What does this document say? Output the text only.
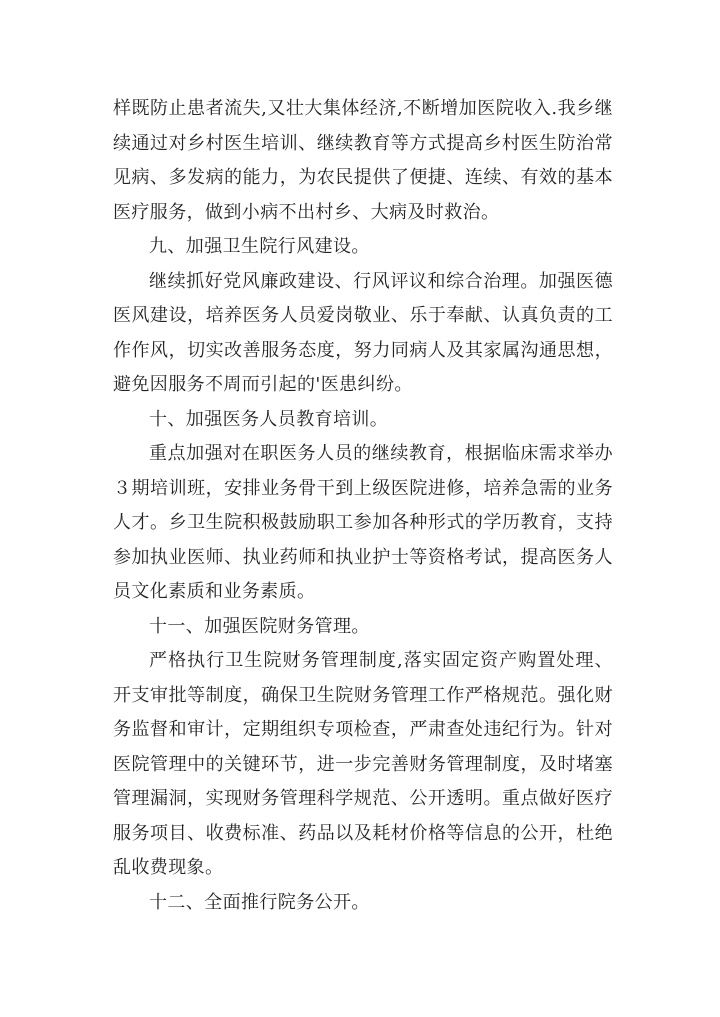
样既防止患者流失,又壮大集体经济,不断增加医院收入.我乡继续通过对乡村医生培训、继续教育等方式提高乡村医生防治常见病、多发病的能力，为农民提供了便捷、连续、有效的基本医疗服务，做到小病不出村乡、大病及时救治。

九、加强卫生院行风建设。

继续抓好党风廉政建设、行风评议和综合治理。加强医德医风建设，培养医务人员爱岗敬业、乐于奉献、认真负责的工作作风，切实改善服务态度，努力同病人及其家属沟通思想，避免因服务不周而引起的'医患纠纷。

十、加强医务人员教育培训。

重点加强对在职医务人员的继续教育，根据临床需求举办３期培训班，安排业务骨干到上级医院进修，培养急需的业务人才。乡卫生院积极鼓励职工参加各种形式的学历教育，支持参加执业医师、执业药师和执业护士等资格考试，提高医务人员文化素质和业务素质。

十一、加强医院财务管理。

严格执行卫生院财务管理制度,落实固定资产购置处理、开支审批等制度，确保卫生院财务管理工作严格规范。强化财务监督和审计，定期组织专项检查，严肃查处违纪行为。针对医院管理中的关键环节，进一步完善财务管理制度，及时堵塞管理漏洞，实现财务管理科学规范、公开透明。重点做好医疗服务项目、收费标准、药品以及耗材价格等信息的公开，杜绝乱收费现象。

十二、全面推行院务公开。
